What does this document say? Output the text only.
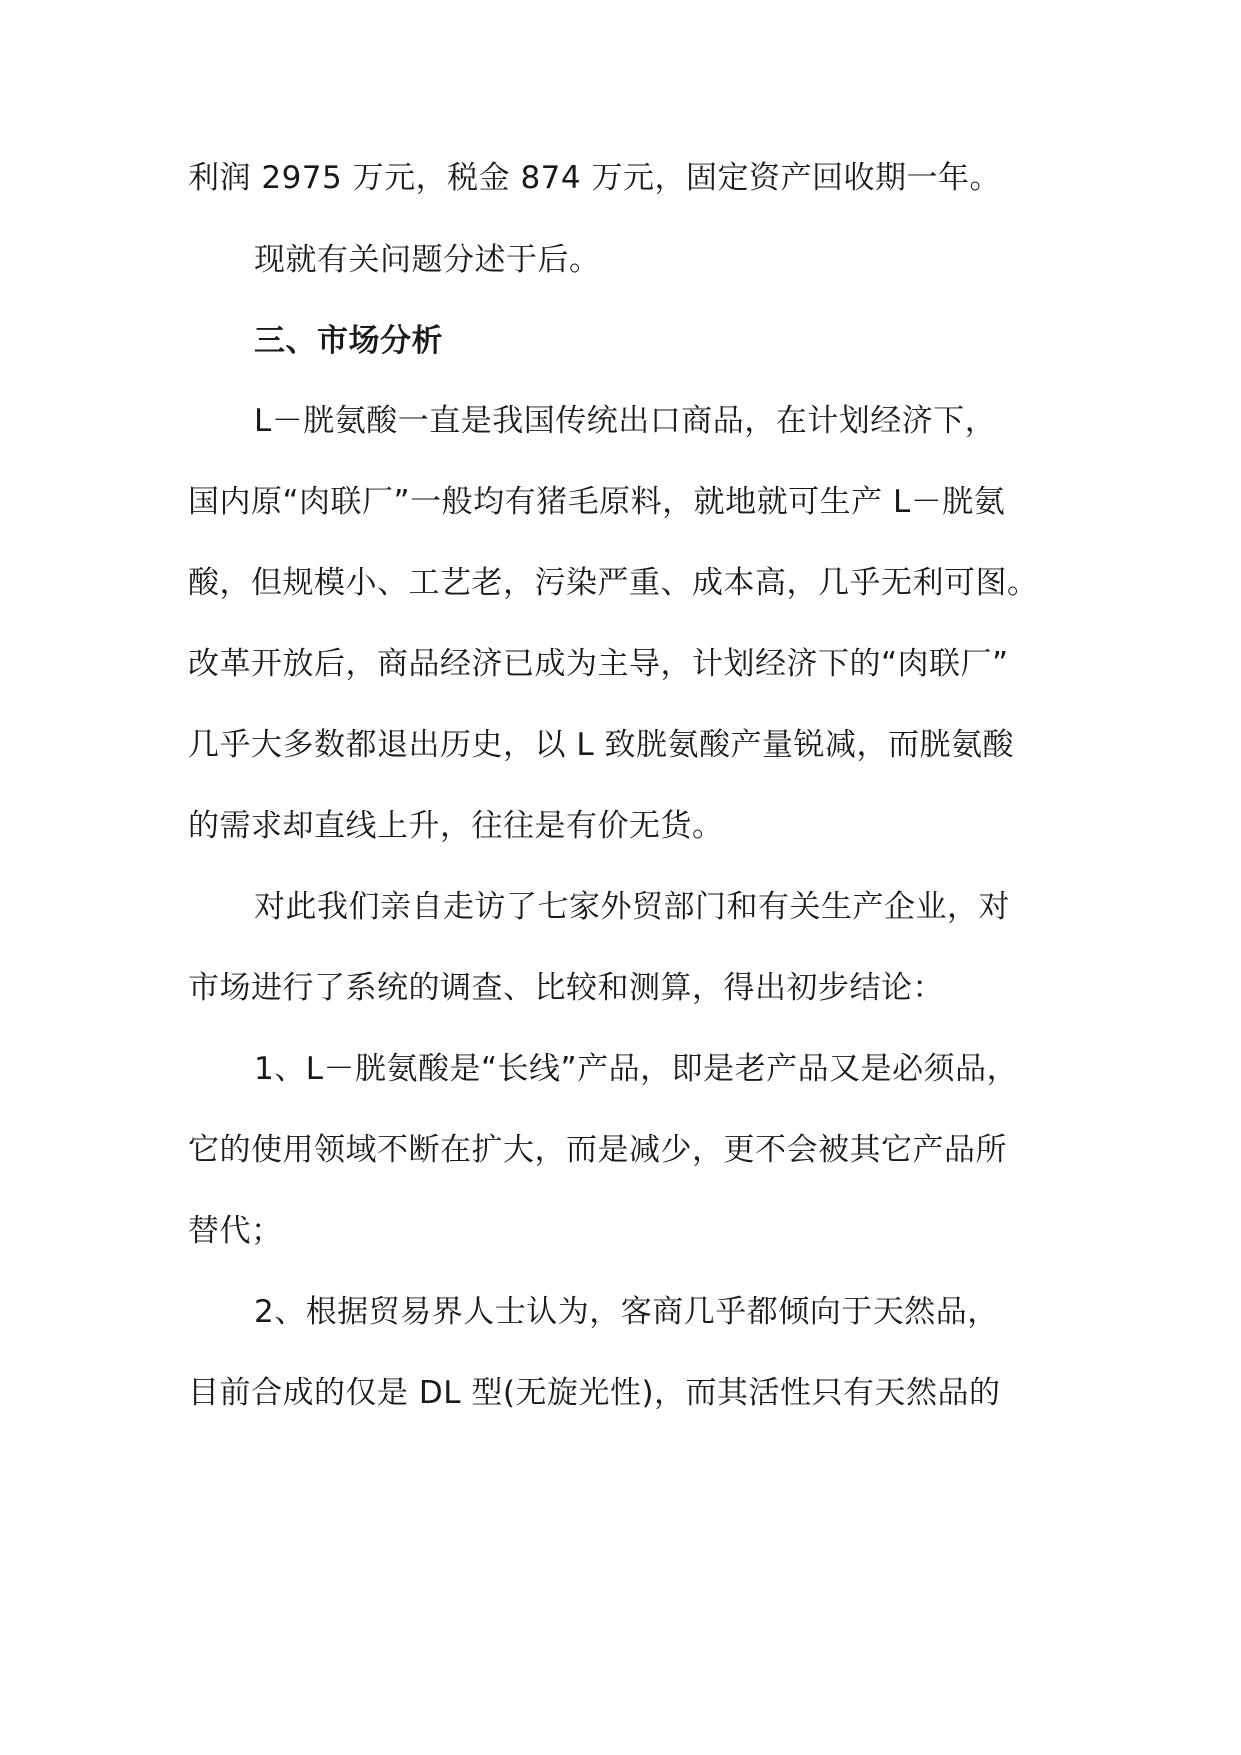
利润 2975 万元，税金 874 万元，固定资产回收期一年。
现就有关问题分述于后。
三、市场分析
L－胱氨酸一直是我国传统出口商品，在计划经济下，
国内原“肉联厂”一般均有猪毛原料，就地就可生产 L－胱氨
酸，但规模小、工艺老，污染严重、成本高，几乎无利可图。
改革开放后，商品经济已成为主导，计划经济下的“肉联厂”
几乎大多数都退出历史，以 L 致胱氨酸产量锐减，而胱氨酸
的需求却直线上升，往往是有价无货。
对此我们亲自走访了七家外贸部门和有关生产企业，对
市场进行了系统的调查、比较和测算，得出初步结论：
1、L－胱氨酸是“长线”产品，即是老产品又是必须品，
它的使用领域不断在扩大，而是减少，更不会被其它产品所
替代；
2、根据贸易界人士认为，客商几乎都倾向于天然品，
目前合成的仅是 DL 型(无旋光性)，而其活性只有天然品的
